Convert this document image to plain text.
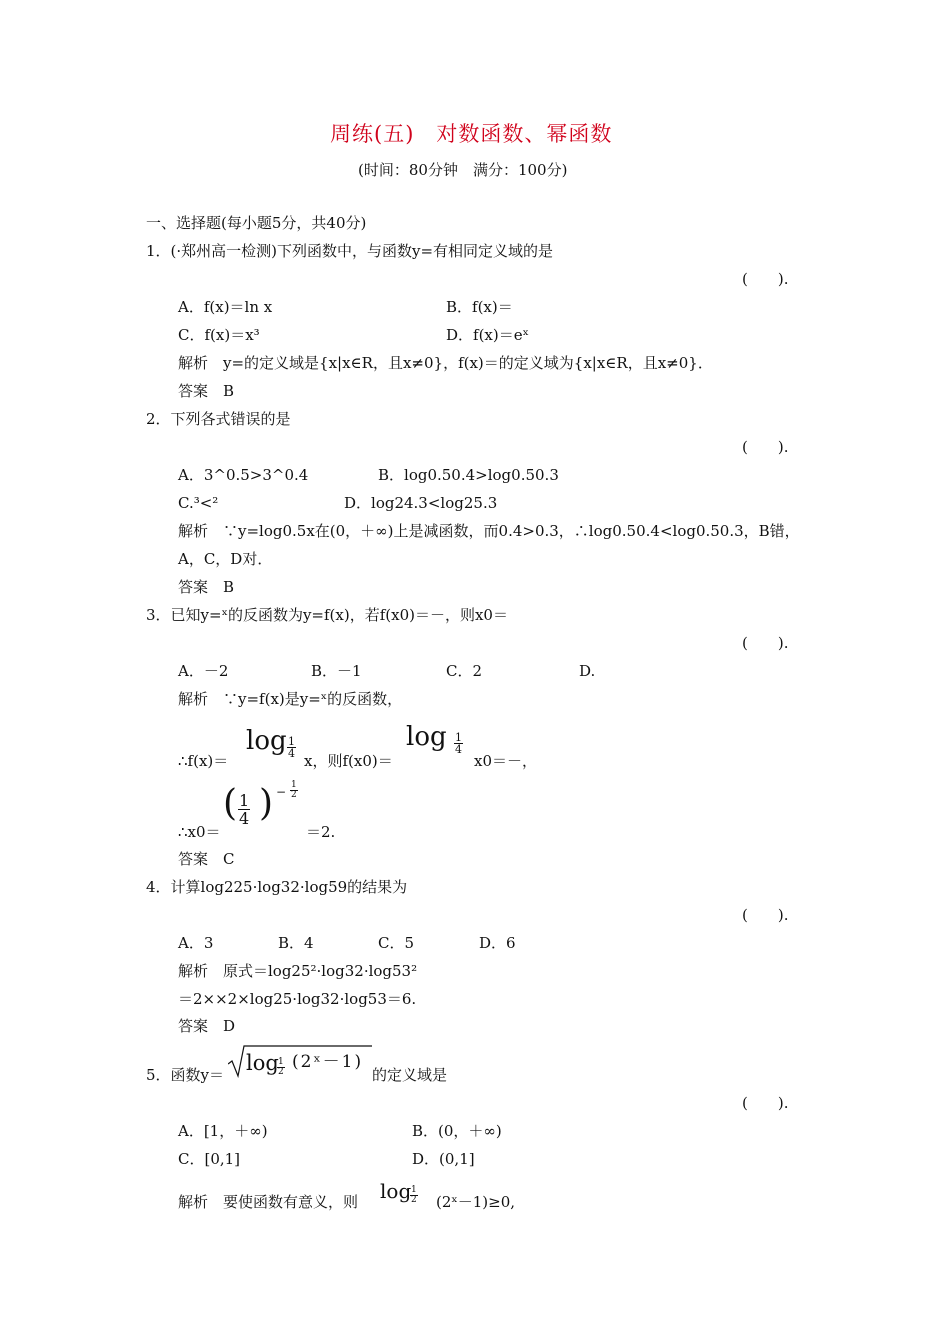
周练(五)　对数函数、幂函数
(时间：80分钟　满分：100分)
一、选择题(每小题5分，共40分)
1．(·郑州高一检测)下列函数中，与函数y=有相同定义域的是
(　　).
A．f(x)＝ln x	B．f(x)＝
C．f(x)＝x³	D．f(x)＝eˣ
解析　y=的定义域是{x|x∈R，且x≠0}，f(x)＝的定义域为{x|x∈R，且x≠0}．
答案　B
2．下列各式错误的是
(　　).
A．3^0.5>3^0.4	B．log0.50.4>log0.50.3
C.³<²	D．log24.3<log25.3
解析　∵y=log0.5x在(0，＋∞)上是减函数，而0.4>0.3，∴log0.50.4<log0.50.3，B错，
A，C，D对．
答案　B
3．已知y=ˣ的反函数为y=f(x)，若f(x0)＝－，则x0＝
(　　).
A．－2	B．－1	C．2	D.
解析　∵y=f(x)是y=ˣ的反函数，
∴f(x)＝
$\log \frac{1}{4}$
x，则f(x0)＝
$\log \frac{1}{4}$
x0＝－，
∴x0＝
( $\frac{1}{4}$ ) − $\frac{1}{2}$
＝2.
答案　C
4．计算log225·log32·log59的结果为
(　　).
A．3	B．4	C．5	D．6
解析　原式＝log25²·log32·log53²
＝2××2×log25·log32·log53＝6.
答案　D
5．函数y＝ log
$\frac{1}{2}$ (2ˣ－1)
的定义域是
(　　).
A．[1，＋∞)	B．(0，＋∞)
C．[0,1]	D．(0,1]
解析　要使函数有意义，则 log
$\frac{1}{2}$ (2ˣ－1)≥0,
